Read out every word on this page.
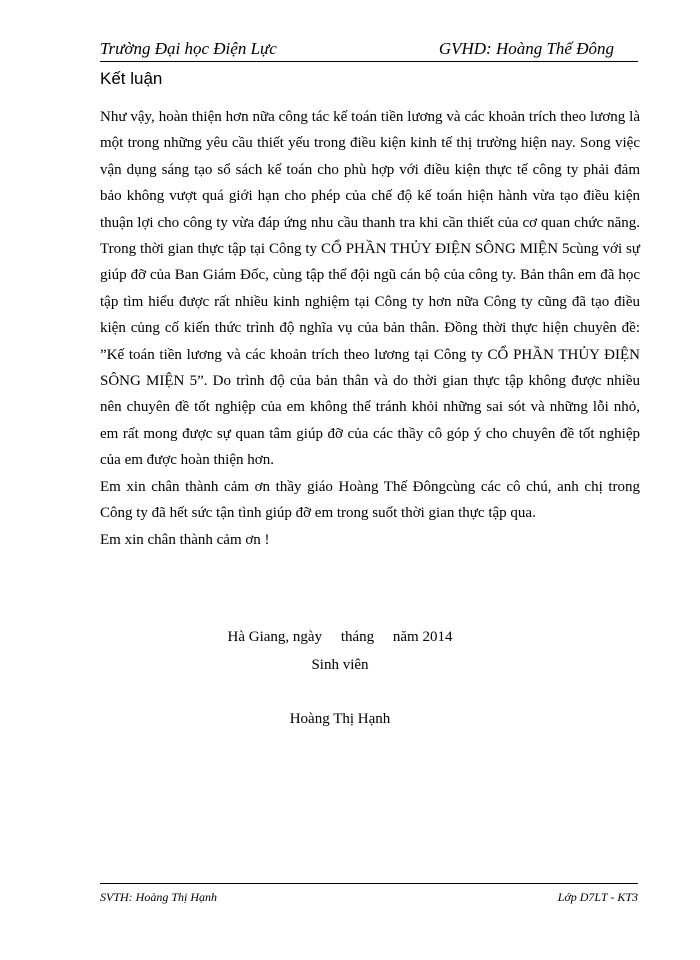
Trường Đại học Điện Lực	GVHD: Hoàng Thế Đông
Kết luận

Như vậy, hoàn thiện hơn nữa công tác kế toán tiền lương và các khoản trích theo lương là một trong những yêu cầu thiết yếu trong điều kiện kinh tế thị trường hiện nay. Song việc vận dụng sáng tạo sổ sách kế toán cho phù hợp với điều kiện thực tế công ty phải đảm bảo không vượt quá giới hạn cho phép của chế độ kế toán hiện hành vừa tạo điều kiện thuận lợi cho công ty vừa đáp ứng nhu cầu thanh tra khi cần thiết của cơ quan chức năng. Trong thời gian thực tập tại Công ty CỔ PHẦN THỦY ĐIỆN SÔNG MIỆN 5cùng với sự giúp đỡ của Ban Giám Đốc, cùng tập thể đội ngũ cán bộ của công ty. Bản thân em đã học tập tìm hiểu được rất nhiều kinh nghiệm tại Công ty hơn nữa Công ty cũng đã tạo điều kiện củng cố kiến thức trình độ nghĩa vụ của bản thân. Đồng thời thực hiện chuyên đề: ”Kế toán tiền lương và các khoản trích theo lương tại Công ty CỔ PHẦN THỦY ĐIỆN SÔNG MIỆN 5”. Do trình độ của bản thân và do thời gian thực tập không được nhiều nên chuyên đề tốt nghiệp của em không thể tránh khỏi những sai sót và những lỗi nhỏ, em rất mong được sự quan tâm giúp đỡ của các thầy cô góp ý cho chuyên đề tốt nghiệp của em được hoàn thiện hơn.

Em xin chân thành cảm ơn thầy giáo Hoàng Thế Đôngcùng các cô chú, anh chị trong Công ty đã hết sức tận tình giúp đỡ em trong suốt thời gian thực tập qua.

Em xin chân thành cảm ơn !

Hà Giang, ngày     tháng     năm 2014
Sinh viên
Hoàng Thị Hạnh
SVTH: Hoàng Thị Hạnh	Lớp D7LT - KT3
